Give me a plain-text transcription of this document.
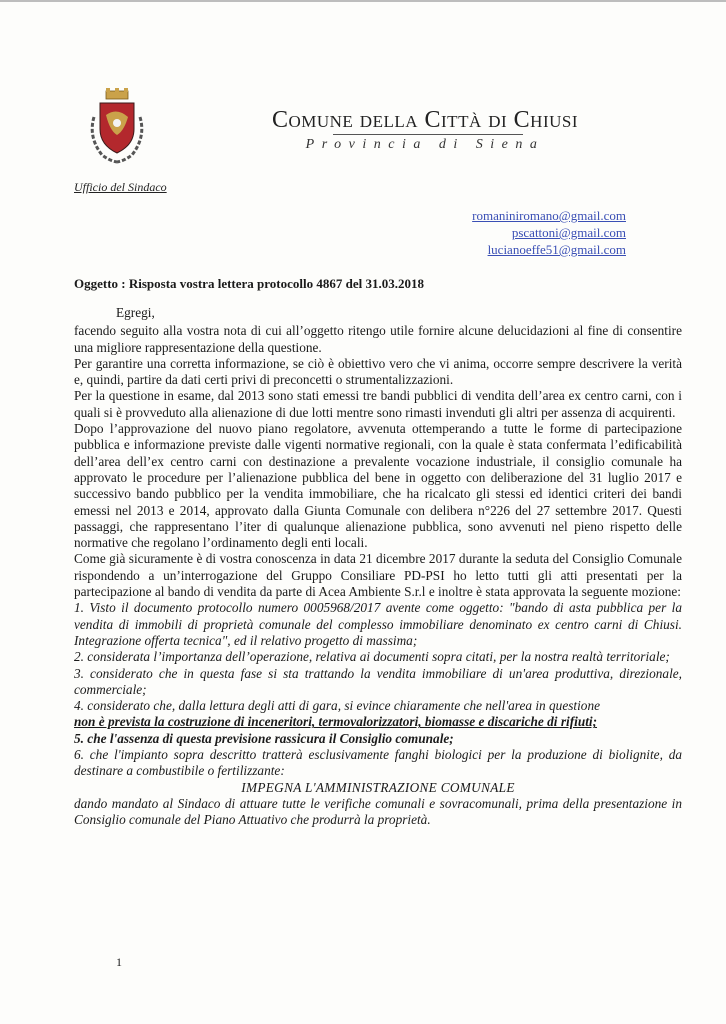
Comune della Città di Chiusi
Provincia di Siena
Ufficio del Sindaco
romaniniromano@gmail.com
pscattoni@gmail.com
lucianoeffe51@gmail.com
Oggetto : Risposta vostra lettera protocollo 4867 del 31.03.2018

Egregi,

facendo seguito alla vostra nota di cui all’oggetto ritengo utile fornire alcune delucidazioni al fine di consentire una migliore rappresentazione della questione.

Per garantire una corretta informazione, se ciò è obiettivo vero che vi anima, occorre sempre descrivere la verità e, quindi, partire da dati certi privi di preconcetti o strumentalizzazioni.

Per la questione in esame, dal 2013 sono stati emessi tre bandi pubblici di vendita dell’area ex centro carni, con i quali si è provveduto alla alienazione di due lotti mentre sono rimasti invenduti gli altri per assenza di acquirenti.

Dopo l’approvazione del nuovo piano regolatore, avvenuta ottemperando a tutte le forme di partecipazione pubblica e informazione previste dalle vigenti normative regionali, con la quale è stata confermata l’edificabilità dell’area dell’ex centro carni con destinazione a prevalente vocazione industriale, il consiglio comunale ha approvato le procedure per l’alienazione pubblica del bene in oggetto con deliberazione del 31 luglio 2017 e successivo bando pubblico per la vendita immobiliare, che ha ricalcato gli stessi ed identici criteri dei bandi emessi nel 2013 e 2014, approvato dalla Giunta Comunale con delibera n°226 del 27 settembre 2017. Questi passaggi, che rappresentano l’iter di qualunque alienazione pubblica, sono avvenuti nel pieno rispetto delle normative che regolano l’ordinamento degli enti locali.

Come già sicuramente è di vostra conoscenza in data 21 dicembre 2017 durante la seduta del Consiglio Comunale rispondendo a un’interrogazione del Gruppo Consiliare PD-PSI ho letto tutti gli atti presentati per la partecipazione al bando di vendita da parte di Acea Ambiente S.r.l e inoltre è stata approvata la seguente mozione:

1. Visto il documento protocollo numero 0005968/2017 avente come oggetto: "bando di asta pubblica per la vendita di immobili di proprietà comunale del complesso immobiliare denominato ex centro carni di Chiusi. Integrazione offerta tecnica", ed il relativo progetto di massima;

2. considerata l’importanza dell’operazione, relativa ai documenti sopra citati, per la nostra realtà territoriale;

3. considerato che in questa fase si sta trattando la vendita immobiliare di un'area produttiva, direzionale, commerciale;

4. considerato che, dalla lettura degli atti di gara, si evince chiaramente che nell'area in questione

non è prevista la costruzione di inceneritori, termovalorizzatori, biomasse e discariche di rifiuti;

5. che l'assenza di questa previsione rassicura il Consiglio comunale;

6. che l'impianto sopra descritto tratterà esclusivamente fanghi biologici per la produzione di biolignite, da destinare a combustibile o fertilizzante:

IMPEGNA L'AMMINISTRAZIONE COMUNALE

dando mandato al Sindaco di attuare tutte le verifiche comunali e sovracomunali, prima della presentazione in Consiglio comunale del Piano Attuativo che produrrà la proprietà.

1
